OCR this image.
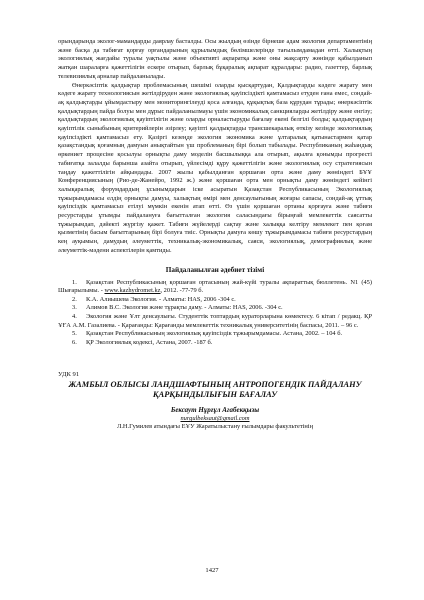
орындарында эколог-мамандарды даярлау басталды. Осы жылдың өзінде бірнеше адам экология департаментінің және басқа да табиғат қорғау орғандарының құрылымдық бөлімшелерінде тағылымдамадан өтті. Халықтың экологиялық жағдайы туралы уақтылы және объективті ақпаратқа және оны жақсарту жөнінде қабылданып жатқан шараларға қажеттілігін ескере отырып, барлық бұқаралық ақпарат құралдары: радио, газеттер, барлық телевизиялық арналар пайдаланылады.

Өнеркәсіптік қалдықтар проблемасының шешімі оларды қысқартудан, Қалдықтарды кәдеге жарату мен кәдеге жарату технологиясын жетілдіруден және экологиялық қауіпсіздікті қамтамасыз етуден ғана емес, сондай-ақ қалдықтарды ұйымдастыру мен мониторингілеуді қоса алғанда, құқықтық база құрудан тұрады; өнеркәсіптік қалдықтардың пайда болуы мен дұрыс пайдаланылмауы үшін экономикалық санкцияларды жетілдіру және енгізу; қалдықтардың экологиялық қауіптілігін және оларды орналастыруды бағалау екені белгілі болды; қалдықтардың қауіптілік сыныбының критерийлерін әзірлеу; қауіпті қалдықтарды трансшекаралық өткізу кезінде экологиялық қауіпсіздікті қамтамасыз ету. Қазіргі кезеңде экология экономика және ұлтаралық қатынастармен қатар қазақстандық қоғамның дамуын анықтайтын үш проблеманың бірі болып табылады. Республиканың жаһандық өркениет процесіне қосылуы орнықты даму моделін басшылыққа ала отырып, ақылға қонымды прогресті табиғатқа залалды барынша азайта отырып, үйлесімді құру қажеттілігін және экологиялық осу стратегиясын таңдау қажеттілігін айқындады. 2007 жылы қабылданған қоршаған орта және даму жөніндегі БҰҰ Конференциясының (Рио-де-Жанейро, 1992 ж.) және қоршаған орта мен орнықты даму жөніндегі кейінгі халықаралық форумдардың ұсынымдарын іске асыратын Қазақстан Республикасының Экологиялық тұжырымдамасы елдің орнықты дамуы, халықтың өмірі мен денсаулығының жоғары сапасы, сондай-ақ ұттық қауіпсіздік қамтамасыз етілуі мүмкін екенін атап өтті. Өз үшін қоршаған ортаны қорғауға және табиғи ресурстарды ұтымды пайдалануға бағытталған экология саласындағы бірыңғай мемлекеттік саясатты тұжырымдап, дәйекті жүргізу қажет. Табиғи жүйелерді сақтау және халыққа келтіру мемлекет пен қоғам қызметінің басым бағыттарының бірі болуға тиіс. Орнықты дамуға көшу тұжырымдамасы табиғи ресурстардың кең ауқымын, дамудың әлеуметтік, техникалық-экономикалық, саяси, экологиялық, демографиялық және әлеуметтік-мәдени аспектілерін қамтиды.

Пайдаланылған әдебиет тізімі
1. Қазақстан Республикасының қоршаған ортасының жай-күйі туралы ақпараттық бюллетень. N1 (45) Шығарылымы. - www.kazhydromet.kz, 2012. -77-79 б.
2. К.А. Алиышева Экология. - Алматы: HAS, 2006 -304 с.
3. Алимов В.С. Экология және тұрақты даму. - Алматы: HAS, 2006. -304 с.
4. Экология және Ұлт денсаулығы. Студенттік топтардың кураторларына көмектесу. 6 кітап / редакц. ҚР ҰҒА А.М. Газалиева. - Қарағанды: Қарағанды мемлекеттік техникалық университетінің баспасы, 2011. – 96 с.
5. Қазақстан Республикасының экологиялық қауіпсіздік тұжырымдамасы. Астана, 2002. – 104 б.
6. ҚР Экологиялық кодексі, Астана, 2007. -187 б.
УДК 91
ЖАМБЫЛ ОБЛЫСЫ ЛАНДШАФТЫНЫҢ АНТРОПОГЕНДІК ПАЙДАЛАНУ ҚАРҚЫНДЫЛЫҒЫН БАҒАЛАУ
Бексаут Нұрғұл Агабекқызы
nurgulbeksaut@gmail.com
Л.Н.Гумилев атындағы ЕҰУ Жаратылыстану ғылымдары факультетінің
1427
